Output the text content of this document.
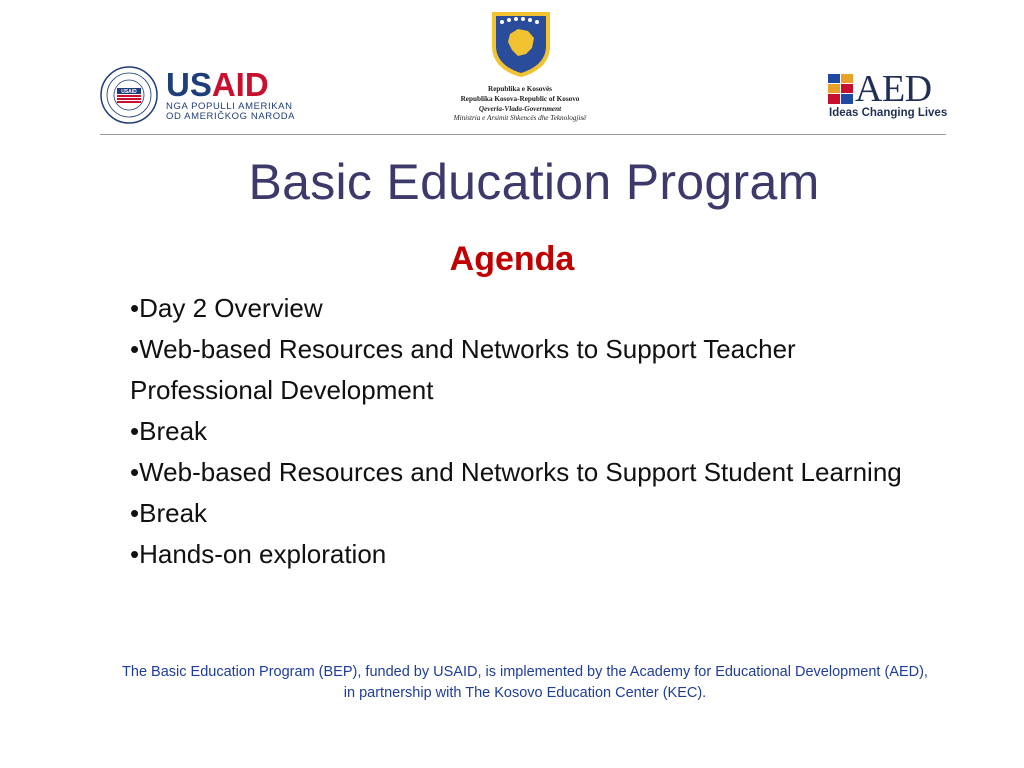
USAID USAID
NGA POPULLI AMERIKAN
OD AMERIČKOG NARODA
Republika e Kosovës
Republika Kosova-Republic of Kosovo
Qeveria-Vlada-Government
Ministria e Arsimit Shkencës dhe Teknologjisë
AED
Ideas Changing Lives
Basic Education Program
Agenda
•Day 2 Overview
•Web-based Resources and Networks to Support Teacher Professional Development
•Break
•Web-based Resources and Networks to Support Student Learning
•Break
•Hands-on exploration
The Basic Education Program (BEP), funded by USAID, is implemented by the Academy for Educational Development (AED), in partnership with The Kosovo Education Center (KEC).
